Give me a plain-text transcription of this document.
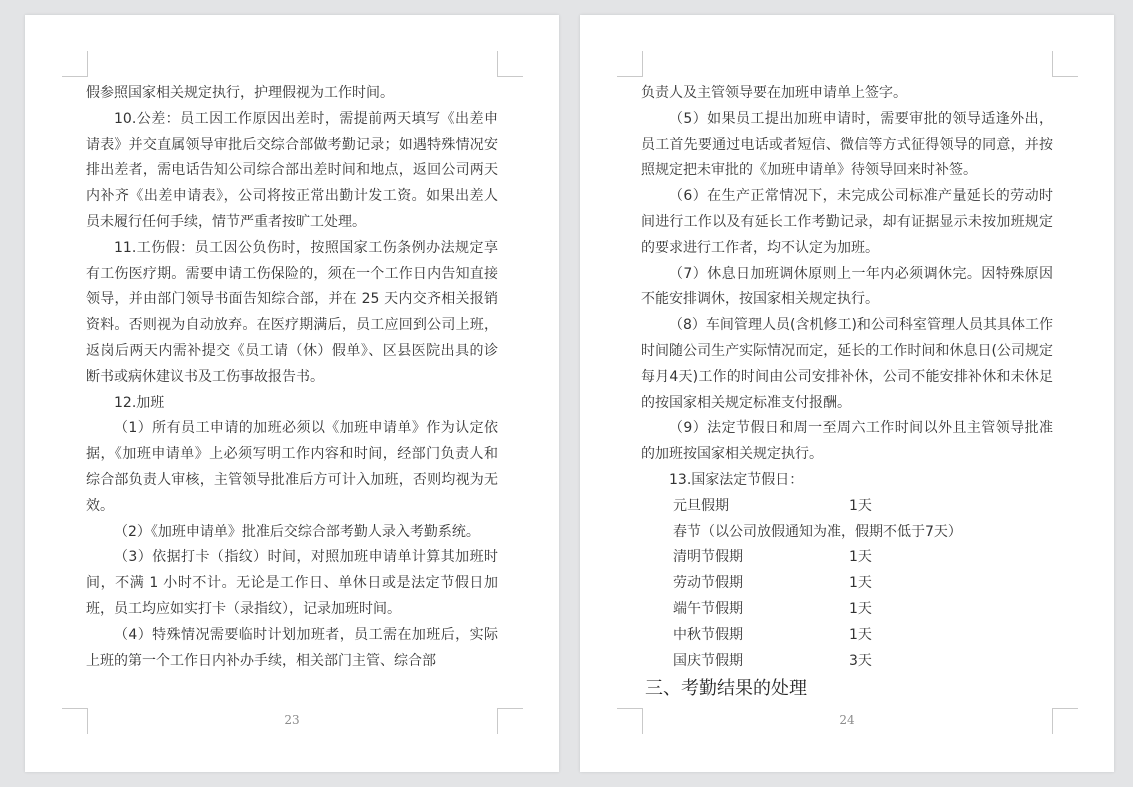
假参照国家相关规定执行，护理假视为工作时间。

10.公差：员工因工作原因出差时，需提前两天填写《出差申请表》并交直属领导审批后交综合部做考勤记录；如遇特殊情况安排出差者，需电话告知公司综合部出差时间和地点，返回公司两天内补齐《出差申请表》，公司将按正常出勤计发工资。如果出差人员未履行任何手续，情节严重者按旷工处理。

11.工伤假：员工因公负伤时，按照国家工伤条例办法规定享有工伤医疗期。需要申请工伤保险的，须在一个工作日内告知直接领导，并由部门领导书面告知综合部，并在 25 天内交齐相关报销资料。否则视为自动放弃。在医疗期满后，员工应回到公司上班，返岗后两天内需补提交《员工请（休）假单》、区县医院出具的诊断书或病休建议书及工伤事故报告书。

12.加班

（1）所有员工申请的加班必须以《加班申请单》作为认定依据，《加班申请单》上必须写明工作内容和时间，经部门负责人和综合部负责人审核，主管领导批准后方可计入加班，否则均视为无效。

（2）《加班申请单》批准后交综合部考勤人录入考勤系统。

（3）依据打卡（指纹）时间，对照加班申请单计算其加班时间，不满 1 小时不计。无论是工作日、单休日或是法定节假日加班，员工均应如实打卡（录指纹），记录加班时间。

（4）特殊情况需要临时计划加班者，员工需在加班后，实际上班的第一个工作日内补办手续，相关部门主管、综合部

23

负责人及主管领导要在加班申请单上签字。

（5）如果员工提出加班申请时，需要审批的领导适逢外出，员工首先要通过电话或者短信、微信等方式征得领导的同意，并按照规定把未审批的《加班申请单》待领导回来时补签。

（6）在生产正常情况下，未完成公司标准产量延长的劳动时间进行工作以及有延长工作考勤记录，却有证据显示未按加班规定的要求进行工作者，均不认定为加班。

（7）休息日加班调休原则上一年内必须调休完。因特殊原因不能安排调休，按国家相关规定执行。

（8）车间管理人员(含机修工)和公司科室管理人员其具体工作时间随公司生产实际情况而定，延长的工作时间和休息日(公司规定每月4天)工作的时间由公司安排补休，公司不能安排补休和未休足的按国家相关规定标准支付报酬。

（9）法定节假日和周一至周六工作时间以外且主管领导批准的加班按国家相关规定执行。

13.国家法定节假日：

元旦假期	1天
春节（以公司放假通知为准，假期不低于7天）
清明节假期	1天
劳动节假期	1天
端午节假期	1天
中秋节假期	1天
国庆节假期	3天

三、考勤结果的处理

24
